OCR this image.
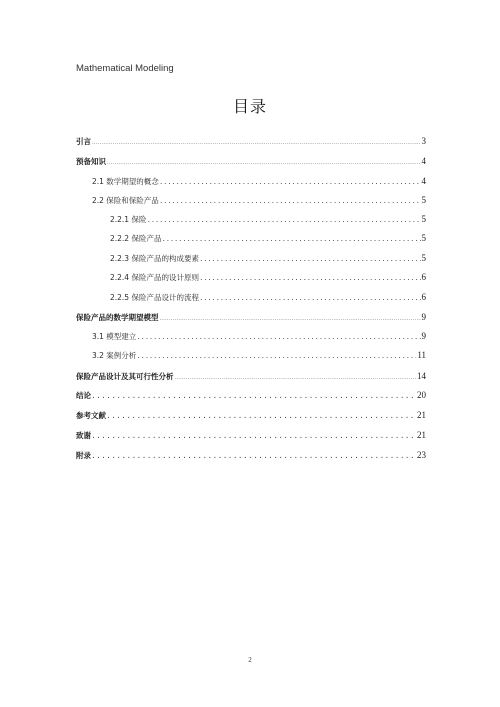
Mathematical Modeling
目录
引言 .....	3
预备知识 .....	4
2.1 数学期望的概念 .....	4
2.2 保险和保险产品 .....	5
2.2.1 保险 .....	5
2.2.2 保险产品 .....	5
2.2.3 保险产品的构成要素 .....	5
2.2.4 保险产品的设计原则 .....	6
2.2.5 保险产品设计的流程 .....	6
保险产品的数学期望模型 .....	9
3.1 模型建立 .....	9
3.2 案例分析 .....	11
保险产品设计及其可行性分析 .....	14
结论 .....	20
参考文献 .....	21
致谢 .....	21
附录 .....	23
2
